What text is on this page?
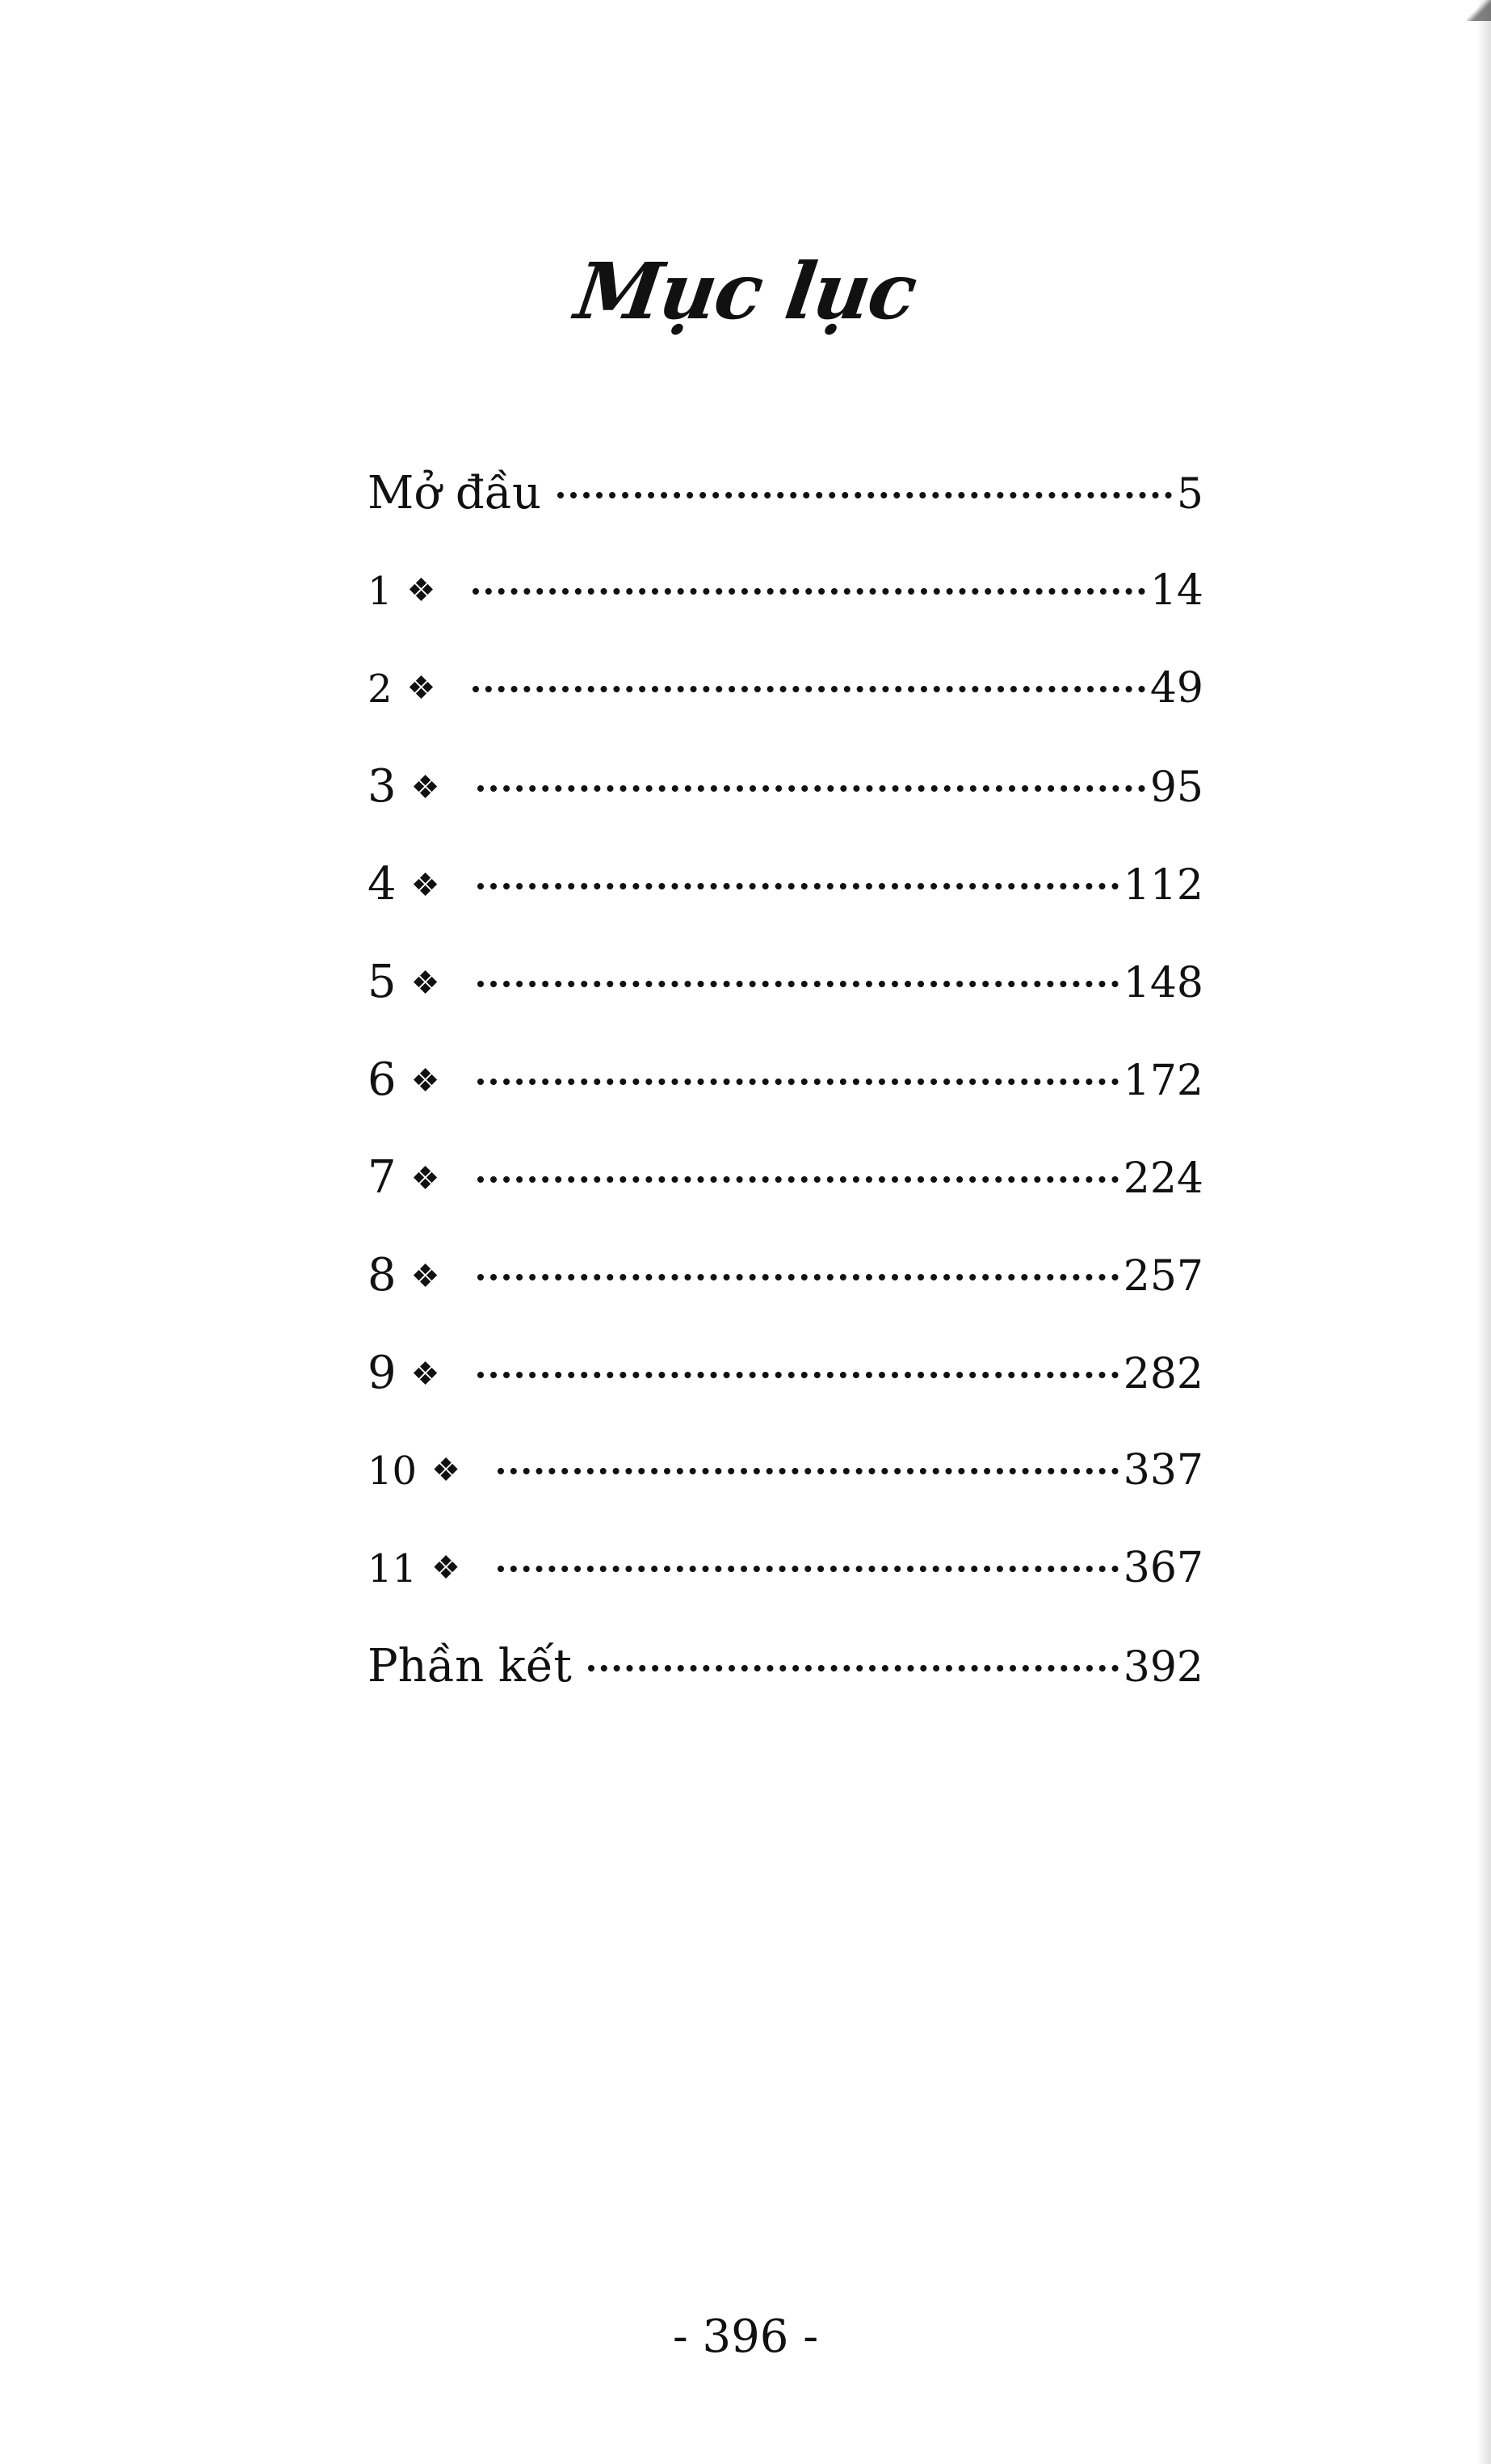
Mục lục
Mở đầu	5
1 ❖	14
2 ❖	49
3 ❖	95
4 ❖	112
5 ❖	148
6 ❖	172
7 ❖	224
8 ❖	257
9 ❖	282
10 ❖	337
11 ❖	367
Phần kết	392
- 396 -
